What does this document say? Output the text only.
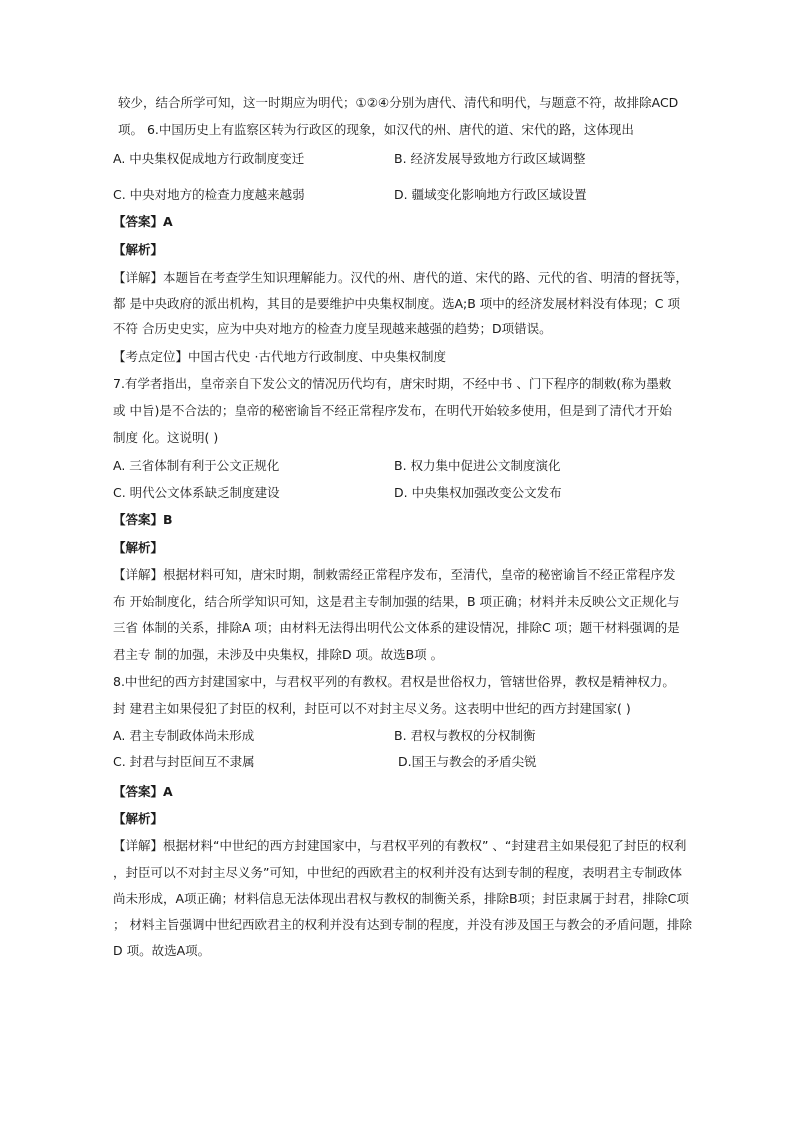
较少，结合所学可知，这一时期应为明代；①②④分别为唐代、清代和明代，与题意不符，故排除ACD
项。 6.中国历史上有监察区转为行政区的现象，如汉代的州、唐代的道、宋代的路，这体现出
A. 中央集权促成地方行政制度变迁	B. 经济发展导致地方行政区域调整
C. 中央对地方的检查力度越来越弱	D. 疆域变化影响地方行政区域设置
【答案】A
【解析】
【详解】本题旨在考查学生知识理解能力。汉代的州、唐代的道、宋代的路、元代的省、明清的督抚等，
都 是中央政府的派出机构，其目的是要维护中央集权制度。选A;B 项中的经济发展材料没有体现；C 项
不符 合历史史实，应为中央对地方的检查力度呈现越来越强的趋势；D项错误。
【考点定位】中国古代史 ·古代地方行政制度、中央集权制度
7.有学者指出，皇帝亲自下发公文的情况历代均有，唐宋时期，不经中书 、门下程序的制敕(称为墨敕
或 中旨)是不合法的；皇帝的秘密谕旨不经正常程序发布，在明代开始较多使用，但是到了清代才开始
制度 化。这说明( )
A. 三省体制有利于公文正规化	B. 权力集中促进公文制度演化
C. 明代公文体系缺乏制度建设	D. 中央集权加强改变公文发布
【答案】B
【解析】
【详解】根据材料可知，唐宋时期，制敕需经正常程序发布，至清代，皇帝的秘密谕旨不经正常程序发
布 开始制度化，结合所学知识可知，这是君主专制加强的结果，B 项正确；材料并未反映公文正规化与
三省 体制的关系，排除A 项；由材料无法得出明代公文体系的建设情况，排除C 项；题干材料强调的是
君主专 制的加强，未涉及中央集权，排除D 项。故选B项 。
8.中世纪的西方封建国家中，与君权平列的有教权。君权是世俗权力，管辖世俗界，教权是精神权力。
封 建君主如果侵犯了封臣的权利，封臣可以不对封主尽义务。这表明中世纪的西方封建国家( )
A. 君主专制政体尚未形成	B. 君权与教权的分权制衡
C. 封君与封臣间互不隶属	D.国王与教会的矛盾尖锐
【答案】A
【解析】
【详解】根据材料“中世纪的西方封建国家中，与君权平列的有教权” 、“封建君主如果侵犯了封臣的权利
，封臣可以不对封主尽义务”可知，中世纪的西欧君主的权利并没有达到专制的程度，表明君主专制政体
尚未形成，A项正确；材料信息无法体现出君权与教权的制衡关系，排除B项；封臣隶属于封君，排除C项
； 材料主旨强调中世纪西欧君主的权利并没有达到专制的程度，并没有涉及国王与教会的矛盾问题，排除
D 项。故选A项。
